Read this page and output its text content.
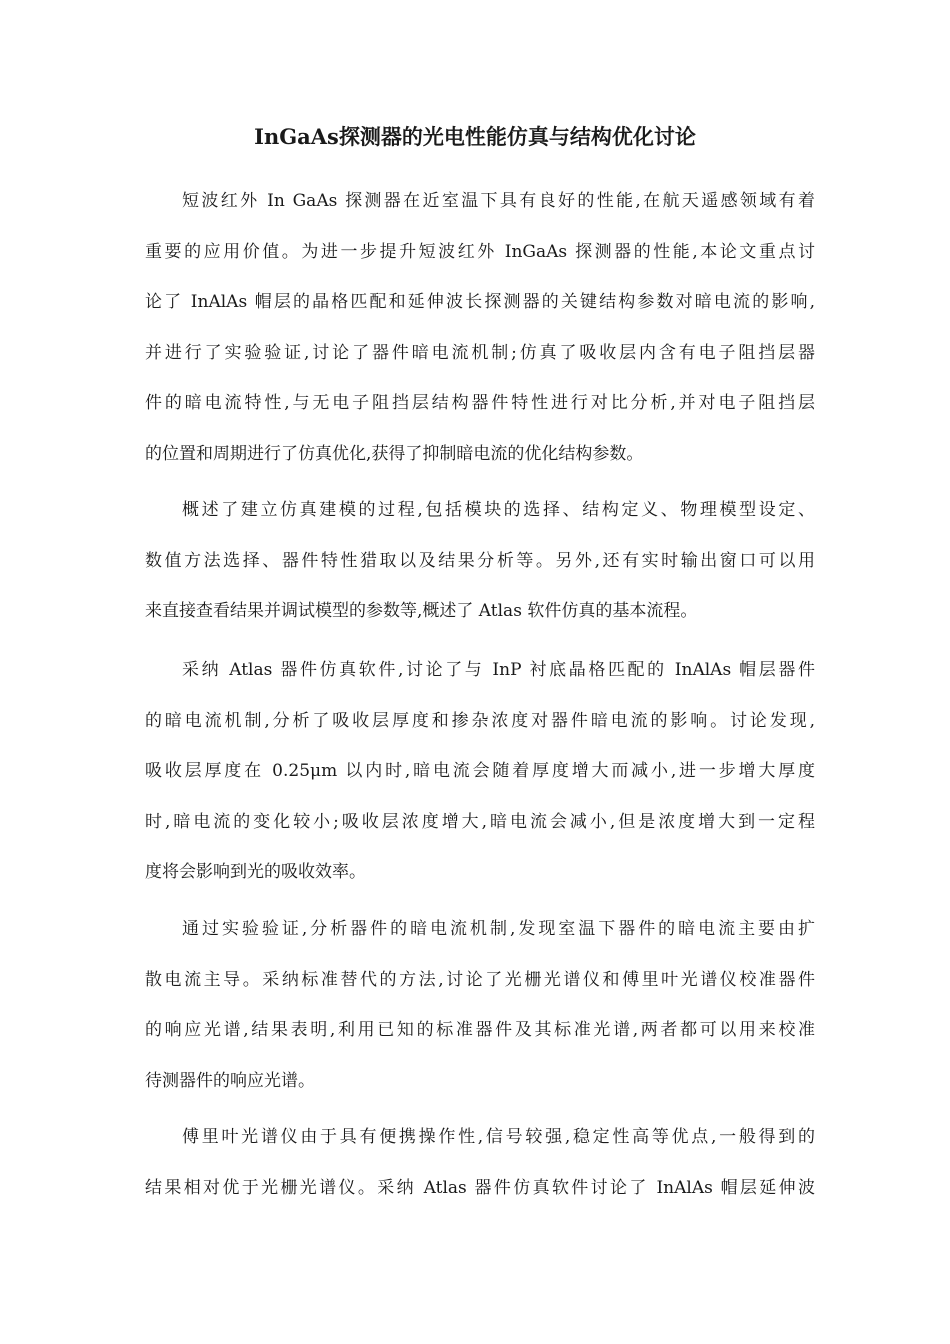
InGaAs探测器的光电性能仿真与结构优化讨论
短波红外 In GaAs 探测器在近室温下具有良好的性能,在航天遥感领域有着
重要的应用价值。为进一步提升短波红外 InGaAs 探测器的性能,本论文重点讨
论了 InAlAs 帽层的晶格匹配和延伸波长探测器的关键结构参数对暗电流的影响,
并进行了实验验证,讨论了器件暗电流机制;仿真了吸收层内含有电子阻挡层器
件的暗电流特性,与无电子阻挡层结构器件特性进行对比分析,并对电子阻挡层
的位置和周期进行了仿真优化,获得了抑制暗电流的优化结构参数。
概述了建立仿真建模的过程,包括模块的选择、结构定义、物理模型设定、
数值方法选择、器件特性猎取以及结果分析等。另外,还有实时输出窗口可以用
来直接查看结果并调试模型的参数等,概述了 Atlas 软件仿真的基本流程。
采纳 Atlas 器件仿真软件,讨论了与 InP 衬底晶格匹配的 InAlAs 帽层器件
的暗电流机制,分析了吸收层厚度和掺杂浓度对器件暗电流的影响。讨论发现,
吸收层厚度在 0.25μm 以内时,暗电流会随着厚度增大而减小,进一步增大厚度
时,暗电流的变化较小;吸收层浓度增大,暗电流会减小,但是浓度增大到一定程
度将会影响到光的吸收效率。
通过实验验证,分析器件的暗电流机制,发现室温下器件的暗电流主要由扩
散电流主导。采纳标准替代的方法,讨论了光栅光谱仪和傅里叶光谱仪校准器件
的响应光谱,结果表明,利用已知的标准器件及其标准光谱,两者都可以用来校准
待测器件的响应光谱。
傅里叶光谱仪由于具有便携操作性,信号较强,稳定性高等优点,一般得到的
结果相对优于光栅光谱仪。采纳 Atlas 器件仿真软件讨论了 InAlAs 帽层延伸波
